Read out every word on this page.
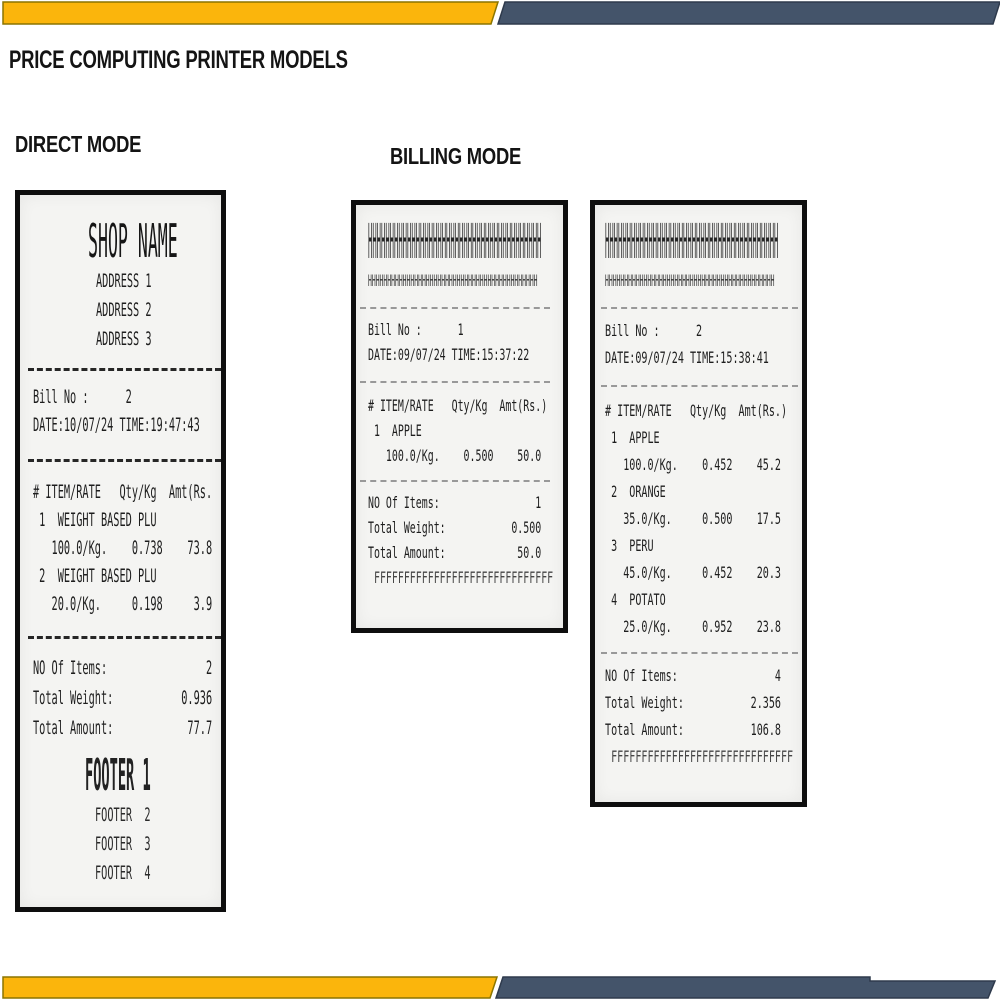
PRICE COMPUTING PRINTER MODELS
DIRECT MODE	BILLING MODE
SHOP NAME
ADDRESS 1
ADDRESS 2
ADDRESS 3
Bill No :      2
DATE:10/07/24 TIME:19:47:43
# ITEM/RATE   Qty/Kg  Amt(Rs.
1  WEIGHT BASED PLU
100.0/Kg.    0.738    73.8
2  WEIGHT BASED PLU
20.0/Kg.     0.198     3.9
NO Of Items:                2
Total Weight:           0.936
Total Amount:            77.7
FOOTER 1
FOOTER  2
FOOTER  3
FOOTER  4
HHHHHHHHHHHHHHHHHHHHHHHHHHHHHHHHHHHHHHHH
HHHHHHHHHHHHHHHHHHHHHHHHHHHHHHHHHHHHHHHHHHHH
Bill No :      1
DATE:09/07/24 TIME:15:37:22
# ITEM/RATE   Qty/Kg  Amt(Rs.)
1  APPLE
100.0/Kg.    0.500    50.0
NO Of Items:                1
Total Weight:           0.500
Total Amount:            50.0
FFFFFFFFFFFFFFFFFFFFFFFFFFFFFF
HHHHHHHHHHHHHHHHHHHHHHHHHHHHHHHHHHHHHHHH
HHHHHHHHHHHHHHHHHHHHHHHHHHHHHHHHHHHHHHHHHHHH
Bill No :      2
DATE:09/07/24 TIME:15:38:41
# ITEM/RATE   Qty/Kg  Amt(Rs.)
1  APPLE
100.0/Kg.    0.452    45.2
2  ORANGE
35.0/Kg.     0.500    17.5
3  PERU
45.0/Kg.     0.452    20.3
4  POTATO
25.0/Kg.     0.952    23.8
NO Of Items:                4
Total Weight:           2.356
Total Amount:           106.8
FFFFFFFFFFFFFFFFFFFFFFFFFFFFFF
